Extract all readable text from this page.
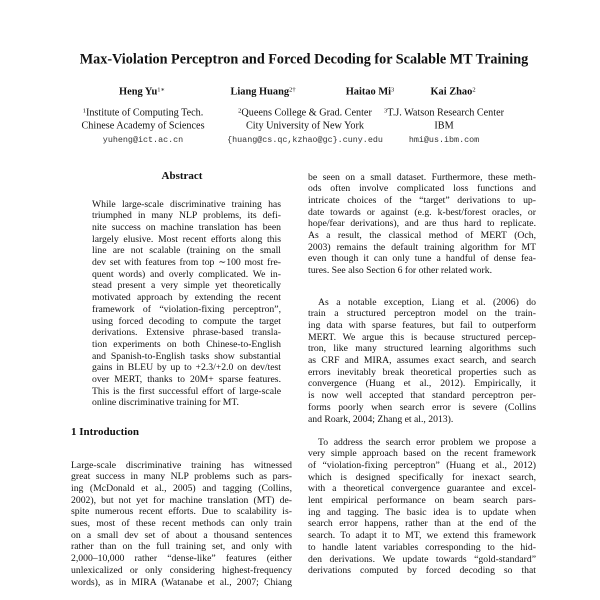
Max-Violation Perceptron and Forced Decoding for Scalable MT Training
Heng $Yu^{1∗}$	Liang Huang$^{2\dagger}$	Haitao Mi$^3$	Kai Zhao$^2$
$^1$Institute of Computing Tech.
Chinese Academy of Sciences
yuheng@ict.ac.cn
$^2$Queens College & Grad. Center
City University of New York
{huang@cs.qc,kzhao@gc}.cuny.edu
$^3$T.J. Watson Research Center
IBM
hmi@us.ibm.com
Abstract
1 Introduction
While large-scale discriminative training has
triumphed in many NLP problems, its defi-
nite success on machine translation has been
largely elusive. Most recent efforts along this
line are not scalable (training on the small
dev set with features from top ∼100 most fre-
quent words) and overly complicated. We in-
stead present a very simple yet theoretically
motivated approach by extending the recent
framework of “violation-fixing perceptron”,
using forced decoding to compute the target
derivations. Extensive phrase-based transla-
tion experiments on both Chinese-to-English
and Spanish-to-English tasks show substantial
gains in BLEU by up to +2.3/+2.0 on dev/test
over MERT, thanks to 20M+ sparse features.
This is the first successful effort of large-scale
online discriminative training for MT.
Large-scale discriminative training has witnessed
great success in many NLP problems such as pars-
ing (McDonald et al., 2005) and tagging (Collins,
2002), but not yet for machine translation (MT) de-
spite numerous recent efforts. Due to scalability is-
sues, most of these recent methods can only train
on a small dev set of about a thousand sentences
rather than on the full training set, and only with
2,000–10,000 rather “dense-like” features (either
unlexicalized or only considering highest-frequency
words), as in MIRA (Watanabe et al., 2007; Chiang
be seen on a small dataset. Furthermore, these meth-
ods often involve complicated loss functions and
intricate choices of the “target” derivations to up-
date towards or against (e.g. k-best/forest oracles, or
hope/fear derivations), and are thus hard to replicate.
As a result, the classical method of MERT (Och,
2003) remains the default training algorithm for MT
even though it can only tune a handful of dense fea-
tures. See also Section 6 for other related work.
As a notable exception, Liang et al. (2006) do
train a structured perceptron model on the train-
ing data with sparse features, but fail to outperform
MERT. We argue this is because structured percep-
tron, like many structured learning algorithms such
as CRF and MIRA, assumes exact search, and search
errors inevitably break theoretical properties such as
convergence (Huang et al., 2012). Empirically, it
is now well accepted that standard perceptron per-
forms poorly when search error is severe (Collins
and Roark, 2004; Zhang et al., 2013).
To address the search error problem we propose a
very simple approach based on the recent framework
of “violation-fixing perceptron” (Huang et al., 2012)
which is designed specifically for inexact search,
with a theoretical convergence guarantee and excel-
lent empirical performance on beam search pars-
ing and tagging. The basic idea is to update when
search error happens, rather than at the end of the
search. To adapt it to MT, we extend this framework
to handle latent variables corresponding to the hid-
den derivations. We update towards “gold-standard”
derivations computed by forced decoding so that
